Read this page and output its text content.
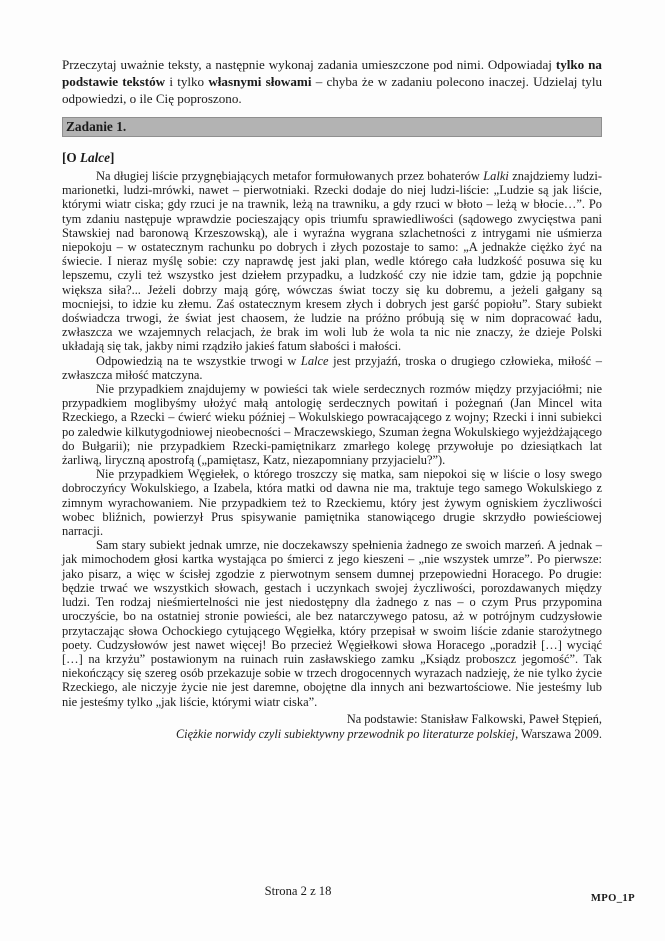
Przeczytaj uważnie teksty, a następnie wykonaj zadania umieszczone pod nimi. Odpowiadaj tylko na podstawie tekstów i tylko własnymi słowami – chyba że w zadaniu polecono inaczej. Udzielaj tylu odpowiedzi, o ile Cię poproszono.

Zadanie 1.
[O Lalce]

Na długiej liście przygnębiających metafor formułowanych przez bohaterów Lalki znajdziemy ludzi-marionetki, ludzi-mrówki, nawet – pierwotniaki. Rzecki dodaje do niej ludzi-liście: „Ludzie są jak liście, którymi wiatr ciska; gdy rzuci je na trawnik, leżą na trawniku, a gdy rzuci w błoto – leżą w błocie…”. Po tym zdaniu następuje wprawdzie pocieszający opis triumfu sprawiedliwości (sądowego zwycięstwa pani Stawskiej nad baronową Krzeszowską), ale i wyraźna wygrana szlachetności z intrygami nie uśmierza niepokoju – w ostatecznym rachunku po dobrych i złych pozostaje to samo: „A jednakże ciężko żyć na świecie. I nieraz myślę sobie: czy naprawdę jest jaki plan, wedle którego cała ludzkość posuwa się ku lepszemu, czyli też wszystko jest dziełem przypadku, a ludzkość czy nie idzie tam, gdzie ją popchnie większa siła?... Jeżeli dobrzy mają górę, wówczas świat toczy się ku dobremu, a jeżeli gałgany są mocniejsi, to idzie ku złemu. Zaś ostatecznym kresem złych i dobrych jest garść popiołu”. Stary subiekt doświadcza trwogi, że świat jest chaosem, że ludzie na próżno próbują się w nim dopracować ładu, zwłaszcza we wzajemnych relacjach, że brak im woli lub że wola ta nic nie znaczy, że dzieje Polski układają się tak, jakby nimi rządziło jakieś fatum słabości i małości.

Odpowiedzią na te wszystkie trwogi w Lalce jest przyjaźń, troska o drugiego człowieka, miłość – zwłaszcza miłość matczyna.

Nie przypadkiem znajdujemy w powieści tak wiele serdecznych rozmów między przyjaciółmi; nie przypadkiem moglibyśmy ułożyć małą antologię serdecznych powitań i pożegnań (Jan Mincel wita Rzeckiego, a Rzecki – ćwierć wieku później – Wokulskiego powracającego z wojny; Rzecki i inni subiekci po zaledwie kilkutygodniowej nieobecności – Mraczewskiego, Szuman żegna Wokulskiego wyjeżdżającego do Bułgarii); nie przypadkiem Rzecki-pamiętnikarz zmarłego kolegę przywołuje po dziesiątkach lat żarliwą, liryczną apostrofą („pamiętasz, Katz, niezapomniany przyjacielu?”).

Nie przypadkiem Węgiełek, o którego troszczy się matka, sam niepokoi się w liście o losy swego dobroczyńcy Wokulskiego, a Izabela, która matki od dawna nie ma, traktuje tego samego Wokulskiego z zimnym wyrachowaniem. Nie przypadkiem też to Rzeckiemu, który jest żywym ogniskiem życzliwości wobec bliźnich, powierzył Prus spisywanie pamiętnika stanowiącego drugie skrzydło powieściowej narracji.

Sam stary subiekt jednak umrze, nie doczekawszy spełnienia żadnego ze swoich marzeń. A jednak – jak mimochodem głosi kartka wystająca po śmierci z jego kieszeni – „nie wszystek umrze”. Po pierwsze: jako pisarz, a więc w ścisłej zgodzie z pierwotnym sensem dumnej przepowiedni Horacego. Po drugie: będzie trwać we wszystkich słowach, gestach i uczynkach swojej życzliwości, porozdawanych między ludzi. Ten rodzaj nieśmiertelności nie jest niedostępny dla żadnego z nas – o czym Prus przypomina uroczyście, bo na ostatniej stronie powieści, ale bez natarczywego patosu, aż w potrójnym cudzysłowie przytaczając słowa Ochockiego cytującego Węgiełka, który przepisał w swoim liście zdanie starożytnego poety. Cudzysłowów jest nawet więcej! Bo przecież Węgiełkowi słowa Horacego „poradził […] wyciąć […] na krzyżu” postawionym na ruinach ruin zasławskiego zamku „Ksiądz proboszcz jegomość”. Tak niekończący się szereg osób przekazuje sobie w trzech drogocennych wyrazach nadzieję, że nie tylko życie Rzeckiego, ale niczyje życie nie jest daremne, obojętne dla innych ani bezwartościowe. Nie jesteśmy lub nie jesteśmy tylko „jak liście, którymi wiatr ciska”.

Na podstawie: Stanisław Falkowski, Paweł Stępień,
Ciężkie norwidy czyli subiektywny przewodnik po literaturze polskiej, Warszawa 2009.
Strona 2 z 18
MPO_1P
